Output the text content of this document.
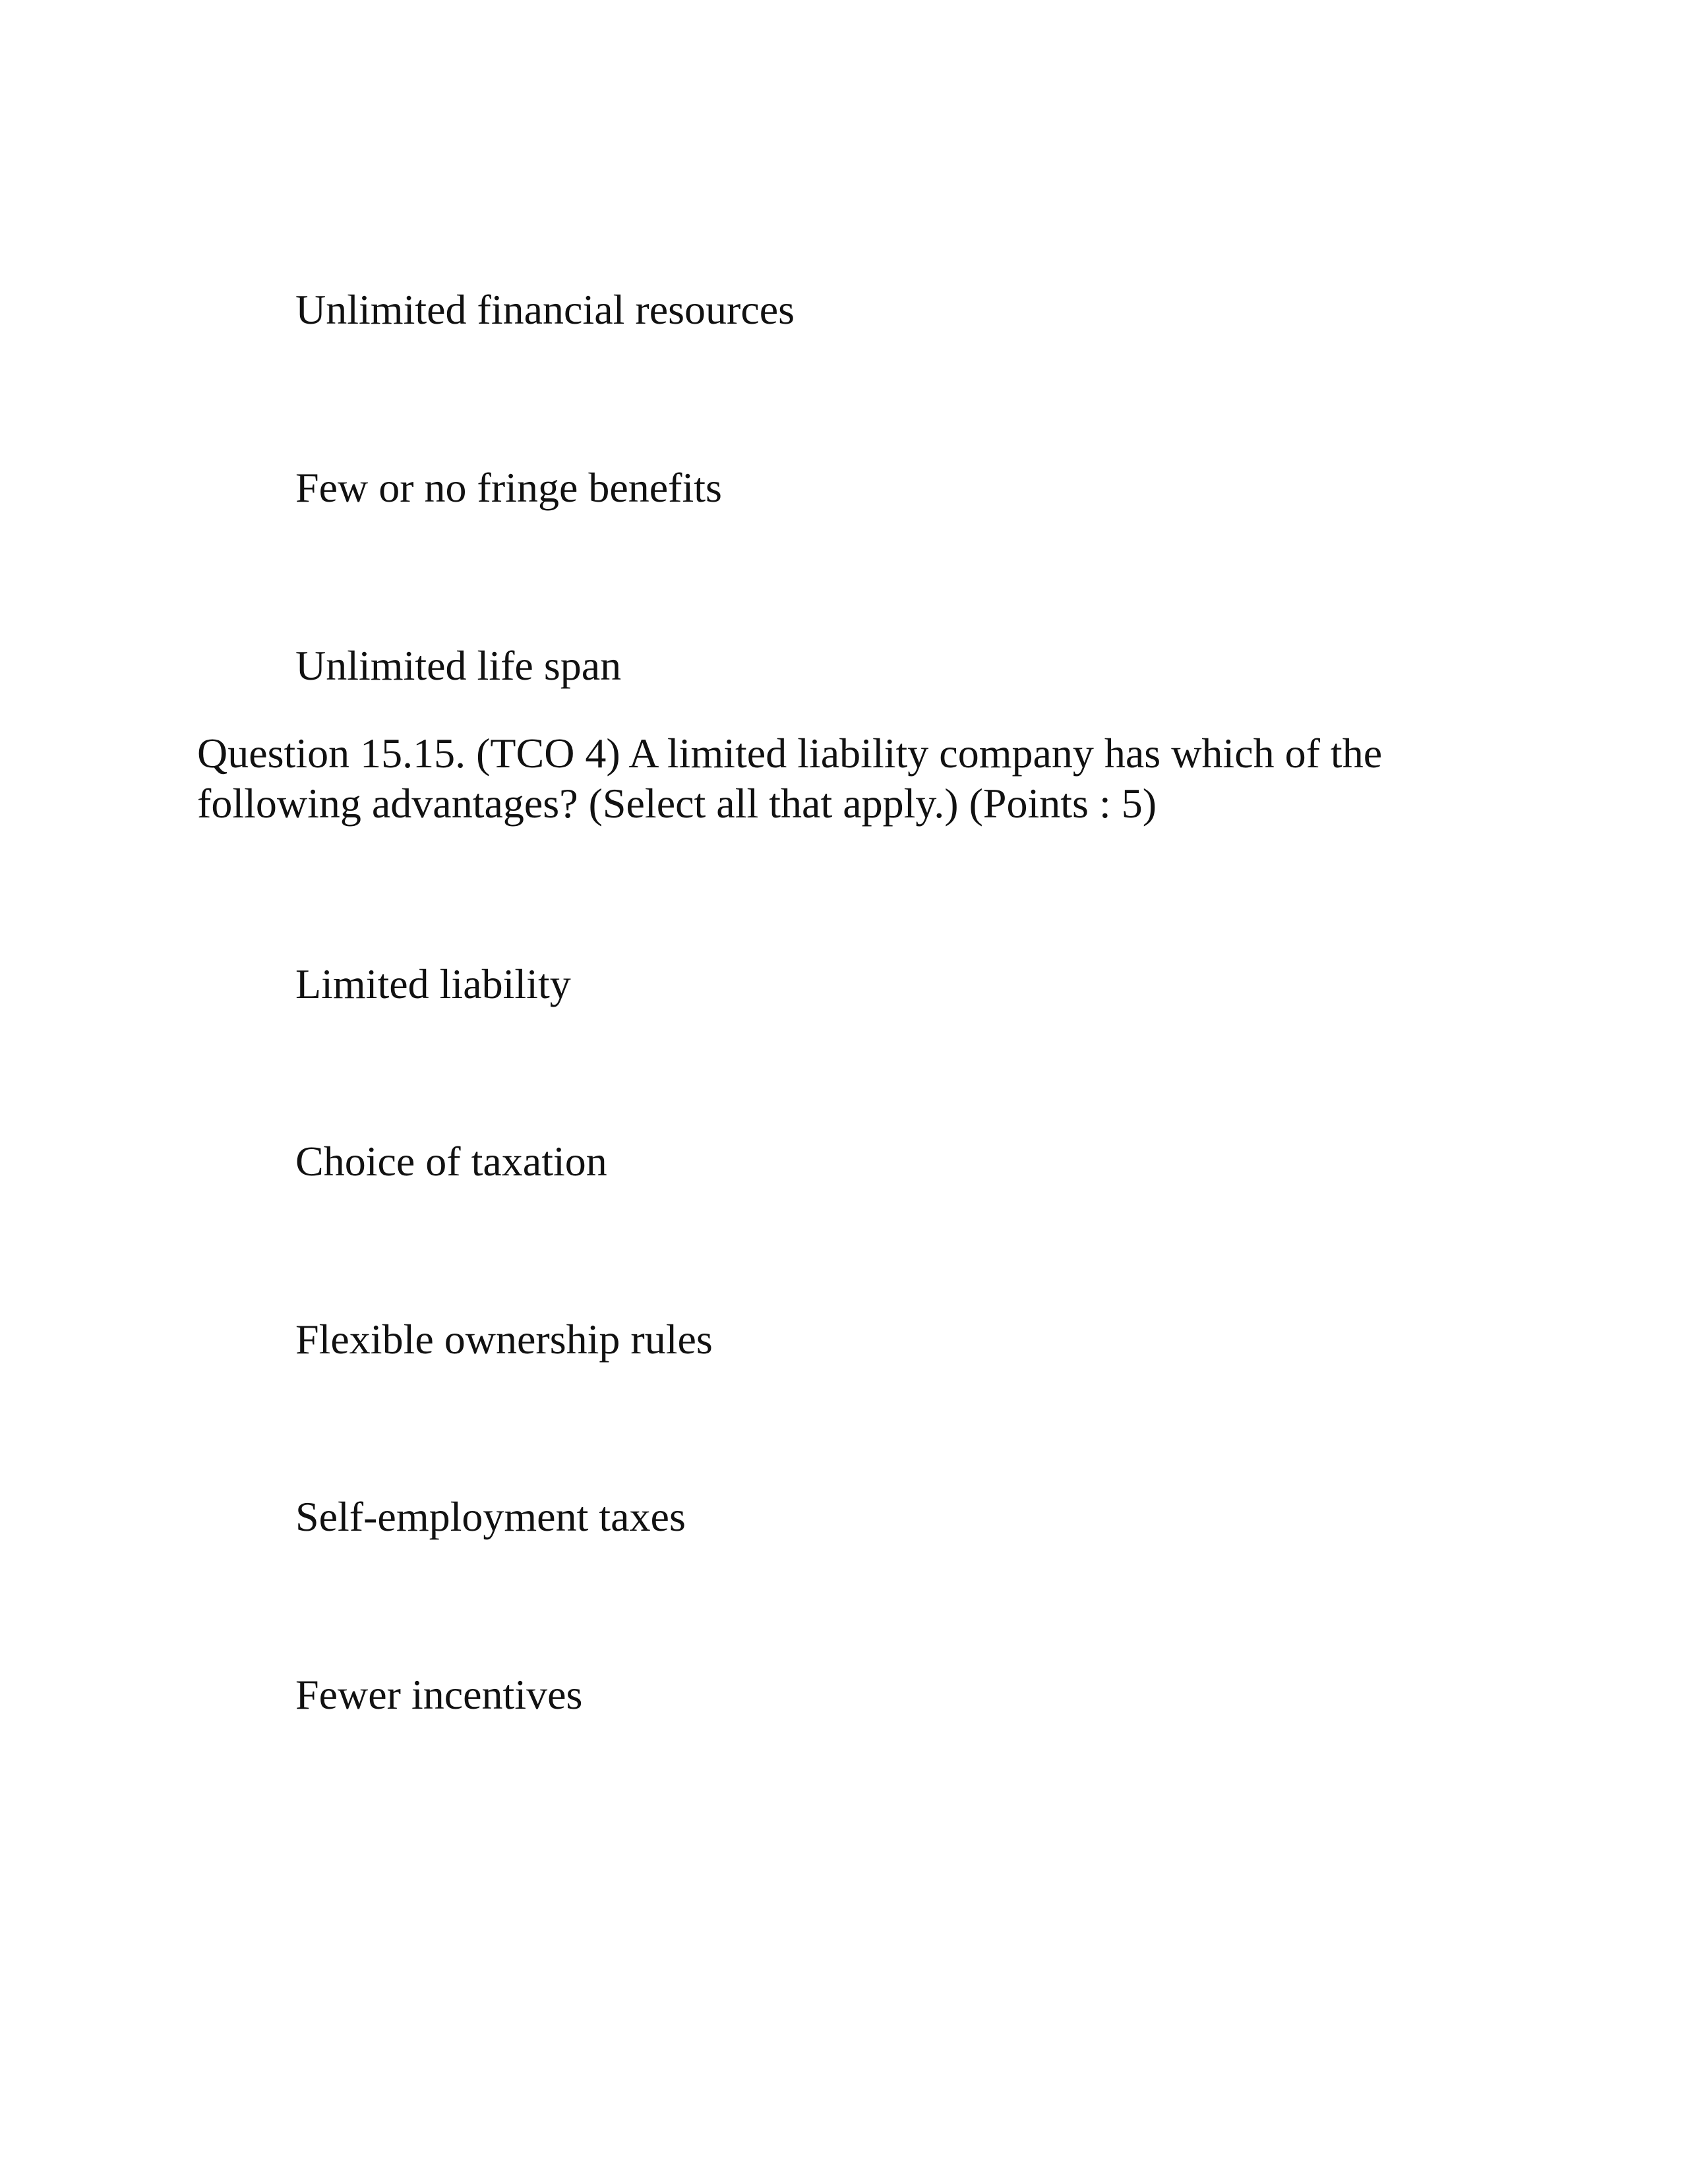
Unlimited financial resources
Few or no fringe benefits
Unlimited life span
Question 15.15. (TCO 4) A limited liability company has which of the
following advantages? (Select all that apply.) (Points : 5)
Limited liability
Choice of taxation
Flexible ownership rules
Self-employment taxes
Fewer incentives
